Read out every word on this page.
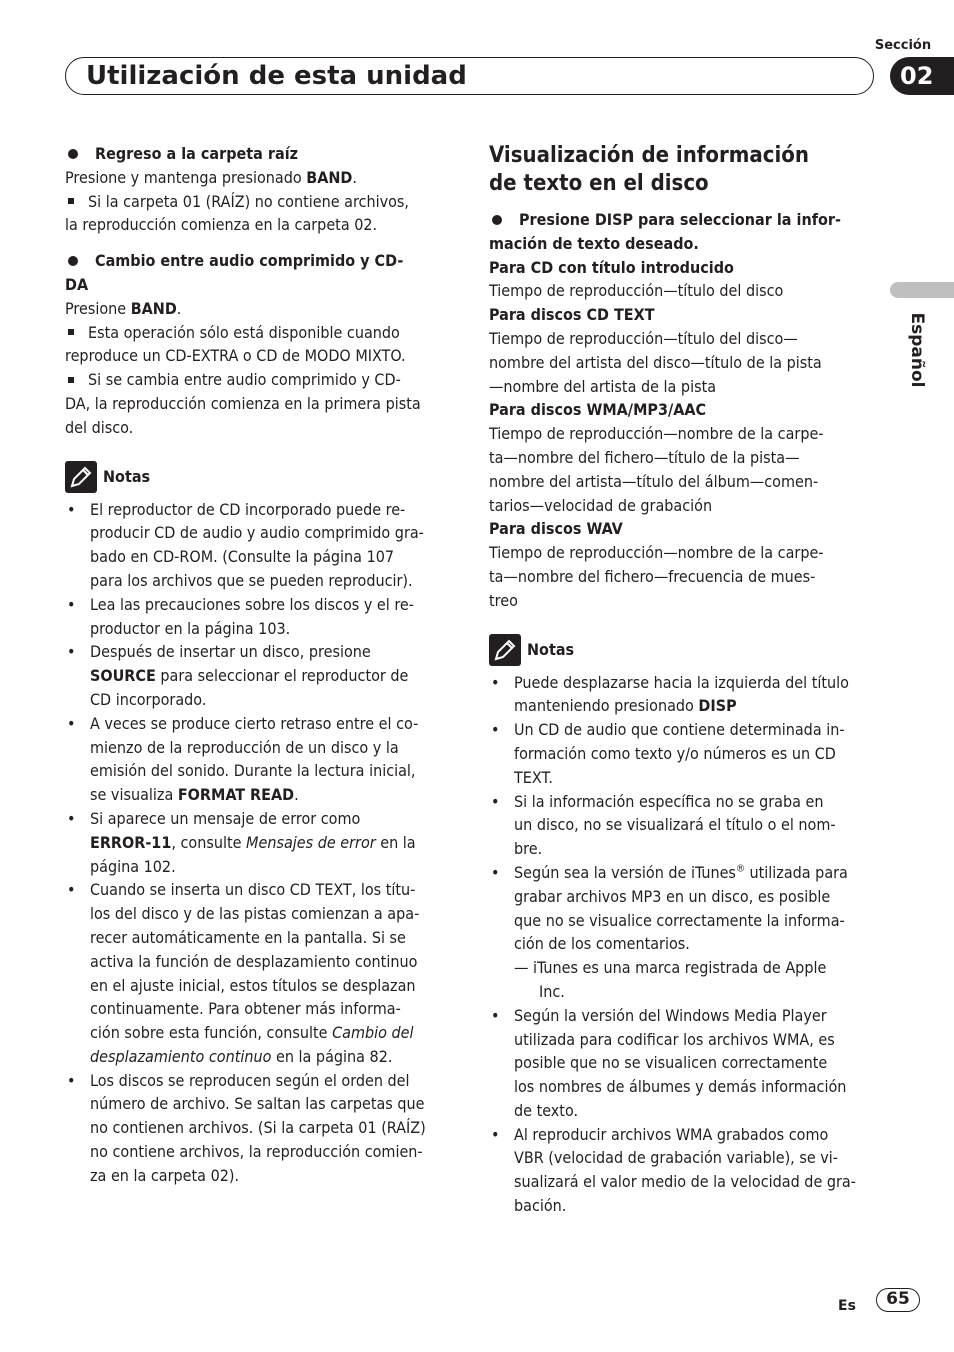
Sección
Utilización de esta unidad	02
Español

Regreso a la carpeta raíz

Presione y mantenga presionado BAND.

Si la carpeta 01 (RAÍZ) no contiene archivos,

la reproducción comienza en la carpeta 02.

Cambio entre audio comprimido y CD-

DA

Presione BAND.

Esta operación sólo está disponible cuando

reproduce un CD-EXTRA o CD de MODO MIXTO.

Si se cambia entre audio comprimido y CD-

DA, la reproducción comienza en la primera pista

del disco.

Notas
• El reproductor de CD incorporado puede re-

producir CD de audio y audio comprimido gra-

bado en CD-ROM. (Consulte la página 107

para los archivos que se pueden reproducir).

• Lea las precauciones sobre los discos y el re-

productor en la página 103.

• Después de insertar un disco, presione

SOURCE para seleccionar el reproductor de

CD incorporado.

• A veces se produce cierto retraso entre el co-

mienzo de la reproducción de un disco y la

emisión del sonido. Durante la lectura inicial,

se visualiza FORMAT READ.

• Si aparece un mensaje de error como

ERROR-11, consulte Mensajes de error en la

página 102.

• Cuando se inserta un disco CD TEXT, los títu-

los del disco y de las pistas comienzan a apa-

recer automáticamente en la pantalla. Si se

activa la función de desplazamiento continuo

en el ajuste inicial, estos títulos se desplazan

continuamente. Para obtener más informa-

ción sobre esta función, consulte Cambio del

desplazamiento continuo en la página 82.

• Los discos se reproducen según el orden del

número de archivo. Se saltan las carpetas que

no contienen archivos. (Si la carpeta 01 (RAÍZ)

no contiene archivos, la reproducción comien-

za en la carpeta 02).

Visualización de información
de texto en el disco

Presione DISP para seleccionar la infor-

mación de texto deseado.

Para CD con título introducido

Tiempo de reproducción—título del disco

Para discos CD TEXT

Tiempo de reproducción—título del disco—

nombre del artista del disco—título de la pista

—nombre del artista de la pista

Para discos WMA/MP3/AAC

Tiempo de reproducción—nombre de la carpe-

ta—nombre del fichero—título de la pista—

nombre del artista—título del álbum—comen-

tarios—velocidad de grabación

Para discos WAV

Tiempo de reproducción—nombre de la carpe-

ta—nombre del fichero—frecuencia de mues-

treo

Notas
• Puede desplazarse hacia la izquierda del título

manteniendo presionado DISP

• Un CD de audio que contiene determinada in-

formación como texto y/o números es un CD

TEXT.

• Si la información específica no se graba en

un disco, no se visualizará el título o el nom-

bre.

• Según sea la versión de iTunes® utilizada para

grabar archivos MP3 en un disco, es posible

que no se visualice correctamente la informa-

ción de los comentarios.

— iTunes es una marca registrada de Apple

Inc.

• Según la versión del Windows Media Player

utilizada para codificar los archivos WMA, es

posible que no se visualicen correctamente

los nombres de álbumes y demás información

de texto.

• Al reproducir archivos WMA grabados como

VBR (velocidad de grabación variable), se vi-

sualizará el valor medio de la velocidad de gra-

bación.

Es	65
